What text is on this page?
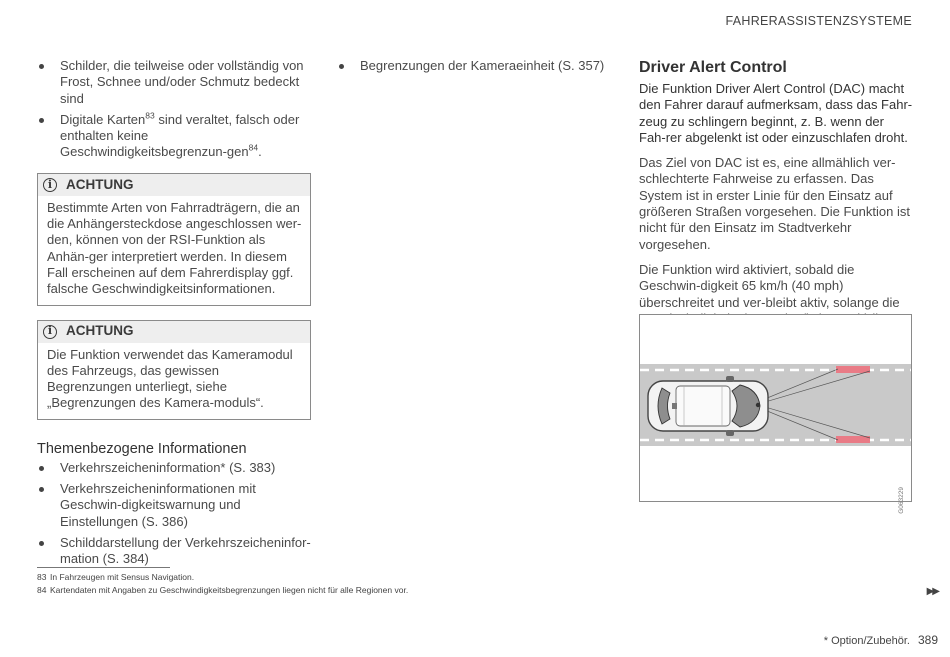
FAHRERASSISTENZSYSTEME
Schilder, die teilweise oder vollständig von Frost, Schnee und/oder Schmutz bedeckt sind
Digitale Karten$^{83}$ sind veraltet, falsch oder enthalten keine Geschwindigkeitsbegrenzun-gen$^{84}$.
i	ACHTUNG
Bestimmte Arten von Fahrradträgern, die an die Anhängersteckdose angeschlossen wer-den, können von der RSI-Funktion als Anhän-ger interpretiert werden. In diesem Fall erscheinen auf dem Fahrerdisplay ggf. falsche Geschwindigkeitsinformationen.
i	ACHTUNG
Die Funktion verwendet das Kameramodul des Fahrzeugs, das gewissen Begrenzungen unterliegt, siehe „Begrenzungen des Kamera-moduls“.
Themenbezogene Informationen
Verkehrszeicheninformation* (S. 383)
Verkehrszeicheninformationen mit Geschwin-digkeitswarnung und Einstellungen (S. 386)
Schilddarstellung der Verkehrszeicheninfor-mation (S. 384)
Begrenzungen der Kameraeinheit (S. 357) Driver Alert Control

Die Funktion Driver Alert Control (DAC) macht den Fahrer darauf aufmerksam, dass das Fahr-zeug zu schlingern beginnt, z. B. wenn der Fah-rer abgelenkt ist oder einzuschlafen droht.

Das Ziel von DAC ist es, eine allmählich ver-schlechterte Fahrweise zu erfassen. Das System ist in erster Linie für den Einsatz auf größeren Straßen vorgesehen. Die Funktion ist nicht für den Einsatz im Stadtverkehr vorgesehen.

Die Funktion wird aktiviert, sobald die Geschwin-digkeit 65 km/h (40 mph) überschreitet und ver-bleibt aktiv, solange die

G063229
83 In Fahrzeugen mit Sensus Navigation.
84 Kartendaten mit Angaben zu Geschwindigkeitsbegrenzungen liegen nicht für alle Regionen vor.	▶▶
* Option/Zubehör. 389
